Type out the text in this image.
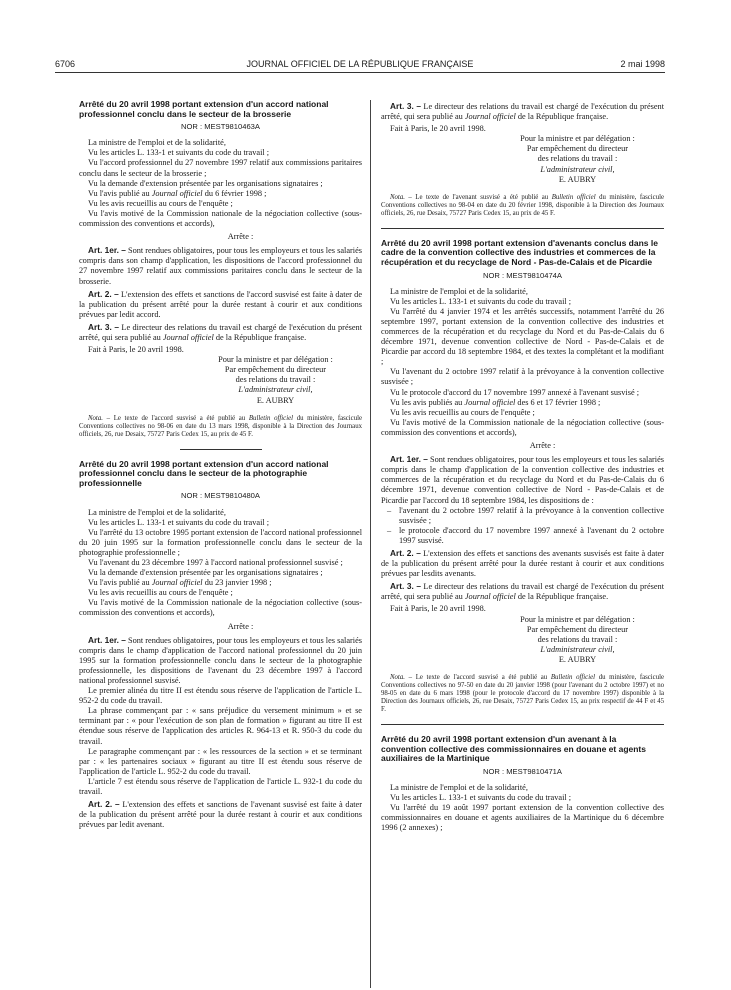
6706	JOURNAL OFFICIEL DE LA RÉPUBLIQUE FRANÇAISE	2 mai 1998
Arrêté du 20 avril 1998 portant extension d'un accord national professionnel conclu dans le secteur de la brosserie
NOR : MEST9810463A

La ministre de l'emploi et de la solidarité,

Vu les articles L. 133-1 et suivants du code du travail ;

Vu l'accord professionnel du 27 novembre 1997 relatif aux commissions paritaires conclu dans le secteur de la brosserie ;

Vu la demande d'extension présentée par les organisations signataires ;

Vu l'avis publié au Journal officiel du 6 février 1998 ;

Vu les avis recueillis au cours de l'enquête ;

Vu l'avis motivé de la Commission nationale de la négociation collective (sous-commission des conventions et accords),

Arrête :

Art. 1er. – Sont rendues obligatoires, pour tous les employeurs et tous les salariés compris dans son champ d'application, les dispositions de l'accord professionnel du 27 novembre 1997 relatif aux commissions paritaires conclu dans le secteur de la brosserie.

Art. 2. – L'extension des effets et sanctions de l'accord susvisé est faite à dater de la publication du présent arrêté pour la durée restant à courir et aux conditions prévues par ledit accord.

Art. 3. – Le directeur des relations du travail est chargé de l'exécution du présent arrêté, qui sera publié au Journal officiel de la République française.

Fait à Paris, le 20 avril 1998.

Pour la ministre et par délégation :

Par empêchement du directeur

des relations du travail :

L'administrateur civil,

E. AUBRY

Nota. – Le texte de l'accord susvisé a été publié au Bulletin officiel du ministère, fascicule Conventions collectives no 98-06 en date du 13 mars 1998, disponible à la Direction des Journaux officiels, 26, rue Desaix, 75727 Paris Cedex 15, au prix de 45 F.

Arrêté du 20 avril 1998 portant extension d'un accord national professionnel conclu dans le secteur de la photographie professionnelle
NOR : MEST9810480A

La ministre de l'emploi et de la solidarité,

Vu les articles L. 133-1 et suivants du code du travail ;

Vu l'arrêté du 13 octobre 1995 portant extension de l'accord national professionnel du 20 juin 1995 sur la formation professionnelle conclu dans le secteur de la photographie professionnelle ;

Vu l'avenant du 23 décembre 1997 à l'accord national professionnel susvisé ;

Vu la demande d'extension présentée par les organisations signataires ;

Vu l'avis publié au Journal officiel du 23 janvier 1998 ;

Vu les avis recueillis au cours de l'enquête ;

Vu l'avis motivé de la Commission nationale de la négociation collective (sous-commission des conventions et accords),

Arrête :

Art. 1er. – Sont rendues obligatoires, pour tous les employeurs et tous les salariés compris dans le champ d'application de l'accord national professionnel du 20 juin 1995 sur la formation professionnelle conclu dans le secteur de la photographie professionnelle, les dispositions de l'avenant du 23 décembre 1997 à l'accord national professionnel susvisé.

Le premier alinéa du titre II est étendu sous réserve de l'application de l'article L. 952-2 du code du travail.

La phrase commençant par : « sans préjudice du versement minimum » et se terminant par : « pour l'exécution de son plan de formation » figurant au titre II est étendue sous réserve de l'application des articles R. 964-13 et R. 950-3 du code du travail.

Le paragraphe commençant par : « les ressources de la section » et se terminant par : « les partenaires sociaux » figurant au titre II est étendu sous réserve de l'application de l'article L. 952-2 du code du travail.

L'article 7 est étendu sous réserve de l'application de l'article L. 932-1 du code du travail.

Art. 2. – L'extension des effets et sanctions de l'avenant susvisé est faite à dater de la publication du présent arrêté pour la durée restant à courir et aux conditions prévues par ledit avenant.

Art. 3. – Le directeur des relations du travail est chargé de l'exécution du présent arrêté, qui sera publié au Journal officiel de la République française.

Fait à Paris, le 20 avril 1998.

Pour la ministre et par délégation :

Par empêchement du directeur

des relations du travail :

L'administrateur civil,

E. AUBRY

Nota. – Le texte de l'avenant susvisé a été publié au Bulletin officiel du ministère, fascicule Conventions collectives no 98-04 en date du 20 février 1998, disponible à la Direction des Journaux officiels, 26, rue Desaix, 75727 Paris Cedex 15, au prix de 45 F.

Arrêté du 20 avril 1998 portant extension d'avenants conclus dans le cadre de la convention collective des industries et commerces de la récupération et du recyclage de Nord - Pas-de-Calais et de Picardie
NOR : MEST9810474A

La ministre de l'emploi et de la solidarité,

Vu les articles L. 133-1 et suivants du code du travail ;

Vu l'arrêté du 4 janvier 1974 et les arrêtés successifs, notamment l'arrêté du 26 septembre 1997, portant extension de la convention collective des industries et commerces de la récupération et du recyclage du Nord et du Pas-de-Calais du 6 décembre 1971, devenue convention collective de Nord - Pas-de-Calais et de Picardie par accord du 18 septembre 1984, et des textes la complétant et la modifiant ;

Vu l'avenant du 2 octobre 1997 relatif à la prévoyance à la convention collective susvisée ;

Vu le protocole d'accord du 17 novembre 1997 annexé à l'avenant susvisé ;

Vu les avis publiés au Journal officiel des 6 et 17 février 1998 ;

Vu les avis recueillis au cours de l'enquête ;

Vu l'avis motivé de la Commission nationale de la négociation collective (sous-commission des conventions et accords),

Arrête :

Art. 1er. – Sont rendues obligatoires, pour tous les employeurs et tous les salariés compris dans le champ d'application de la convention collective des industries et commerces de la récupération et du recyclage du Nord et du Pas-de-Calais du 6 décembre 1971, devenue convention collective de Nord - Pas-de-Calais et de Picardie par l'accord du 18 septembre 1984, les dispositions de :

– l'avenant du 2 octobre 1997 relatif à la prévoyance à la convention collective susvisée ;

– le protocole d'accord du 17 novembre 1997 annexé à l'avenant du 2 octobre 1997 susvisé.

Art. 2. – L'extension des effets et sanctions des avenants susvisés est faite à dater de la publication du présent arrêté pour la durée restant à courir et aux conditions prévues par lesdits avenants.

Art. 3. – Le directeur des relations du travail est chargé de l'exécution du présent arrêté, qui sera publié au Journal officiel de la République française.

Fait à Paris, le 20 avril 1998.

Pour la ministre et par délégation :

Par empêchement du directeur

des relations du travail :

L'administrateur civil,

E. AUBRY

Nota. – Le texte de l'accord susvisé a été publié au Bulletin officiel du ministère, fascicule Conventions collectives no 97-50 en date du 20 janvier 1998 (pour l'avenant du 2 octobre 1997) et no 98-05 en date du 6 mars 1998 (pour le protocole d'accord du 17 novembre 1997) disponible à la Direction des Journaux officiels, 26, rue Desaix, 75727 Paris Cedex 15, au prix respectif de 44 F et 45 F.

Arrêté du 20 avril 1998 portant extension d'un avenant à la convention collective des commissionnaires en douane et agents auxiliaires de la Martinique
NOR : MEST9810471A

La ministre de l'emploi et de la solidarité,

Vu les articles L. 133-1 et suivants du code du travail ;

Vu l'arrêté du 19 août 1997 portant extension de la convention collective des commissionnaires en douane et agents auxiliaires de la Martinique du 6 décembre 1996 (2 annexes) ;
